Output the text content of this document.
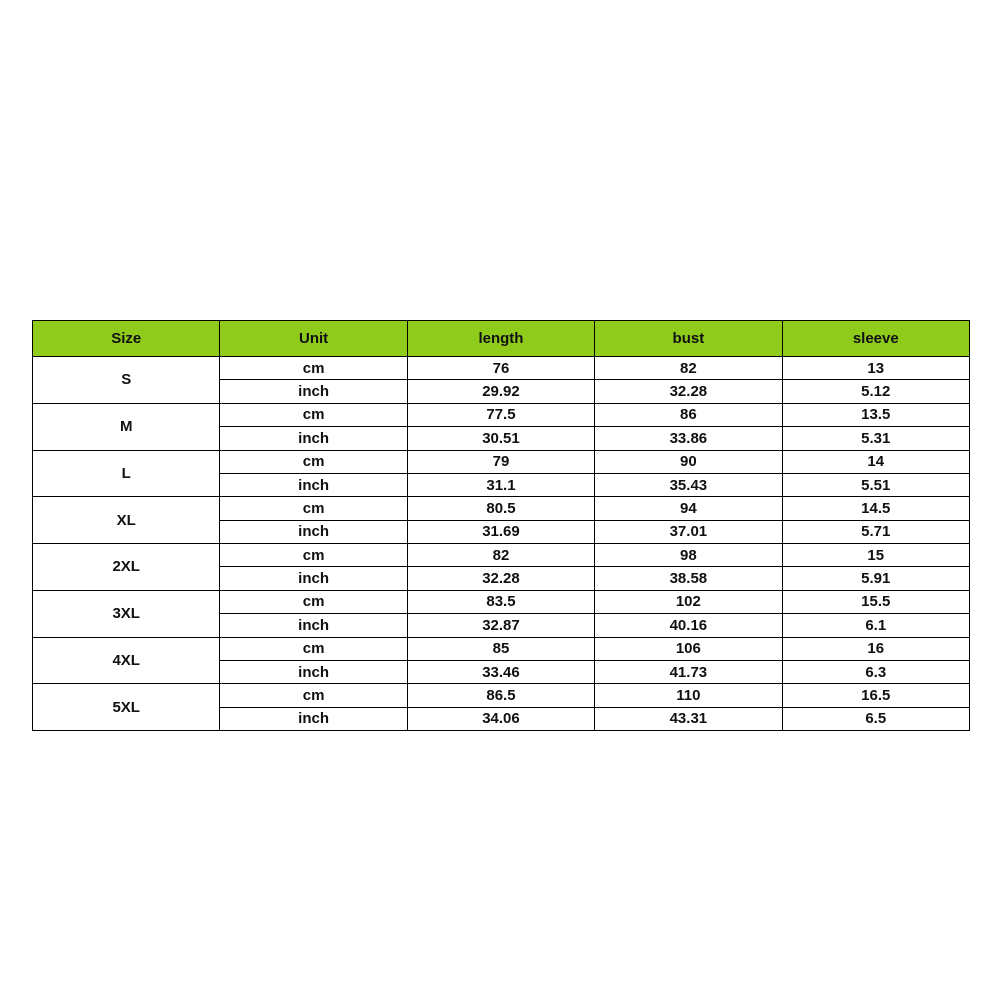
Size	Unit	length	bust	sleeve
S	cm	76	82	13
	inch	29.92	32.28	5.12
M	cm	77.5	86	13.5
	inch	30.51	33.86	5.31
L	cm	79	90	14
	inch	31.1	35.43	5.51
XL	cm	80.5	94	14.5
	inch	31.69	37.01	5.71
2XL	cm	82	98	15
	inch	32.28	38.58	5.91
3XL	cm	83.5	102	15.5
	inch	32.87	40.16	6.1
4XL	cm	85	106	16
	inch	33.46	41.73	6.3
5XL	cm	86.5	110	16.5
	inch	34.06	43.31	6.5
